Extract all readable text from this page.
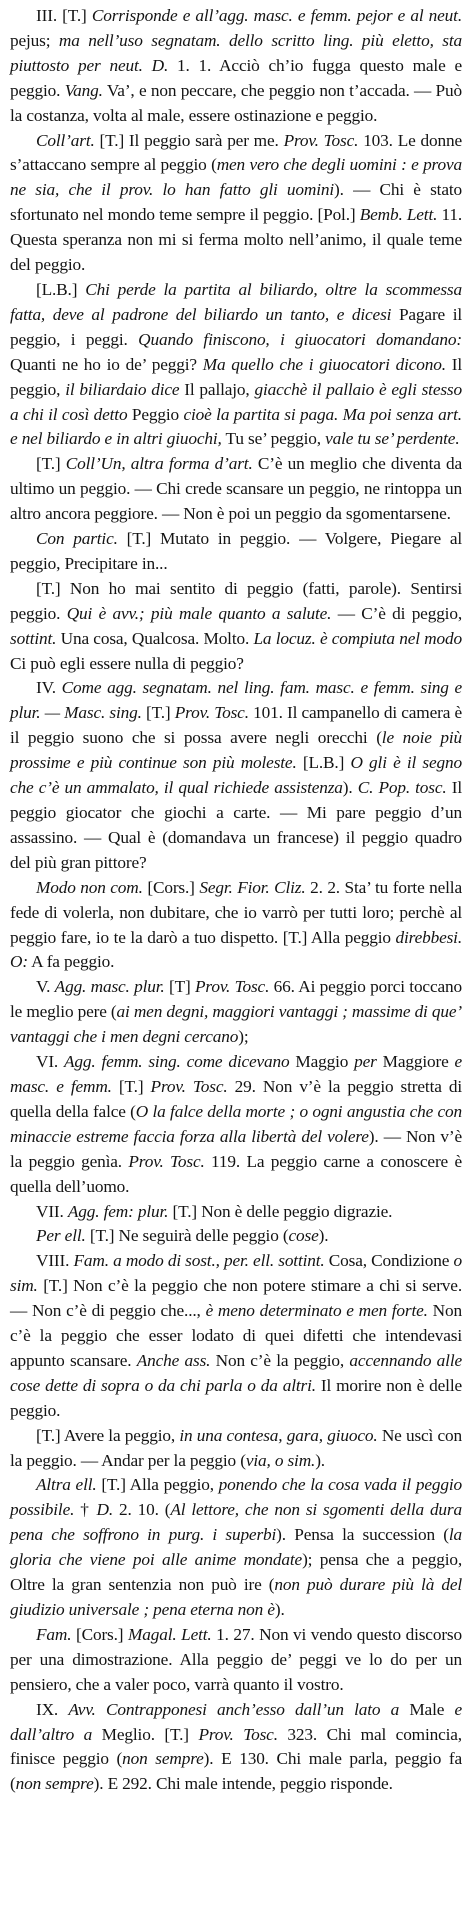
III. [T.] Corrisponde e all’agg. masc. e femm. pejor e al neut. pejus; ma nell’uso segnatam. dello scritto ling. più eletto, sta piuttosto per neut. D. 1. 1. Acciò ch’io fugga questo male e peggio. Vang. Va’, e non peccare, che peggio non t’accada. — Può la costanza, volta al male, essere ostinazione e peggio.

Coll’art. [T.] Il peggio sarà per me. Prov. Tosc. 103. Le donne s’attaccano sempre al peggio (men vero che degli uomini : e prova ne sia, che il prov. lo han fatto gli uomini). — Chi è stato sfortunato nel mondo teme sempre il peggio. [Pol.] Bemb. Lett. 11. Questa speranza non mi si ferma molto nell’animo, il quale teme del peggio.

[L.B.] Chi perde la partita al biliardo, oltre la scommessa fatta, deve al padrone del biliardo un tanto, e dicesi Pagare il peggio, i peggi. Quando finiscono, i giuocatori domandano: Quanti ne ho io de’ peggi? Ma quello che i giuocatori dicono. Il peggio, il biliardaio dice Il pallajo, giacchè il pallaio è egli stesso a chi il così detto Peggio cioè la partita si paga. Ma poi senza art. e nel biliardo e in altri giuochi, Tu se’ peggio, vale tu se’ perdente.

[T.] Coll’Un, altra forma d’art. C’è un meglio che diventa da ultimo un peggio. — Chi crede scansare un peggio, ne rintoppa un altro ancora peggiore. — Non è poi un peggio da sgomentarsene.

Con partic. [T.] Mutato in peggio. — Volgere, Piegare al peggio, Precipitare in...

[T.] Non ho mai sentito di peggio (fatti, parole). Sentirsi peggio. Qui è avv.; più male quanto a salute. — C’è di peggio, sottint. Una cosa, Qualcosa. Molto. La locuz. è compiuta nel modo Ci può egli essere nulla di peggio?

IV. Come agg. segnatam. nel ling. fam. masc. e femm. sing e plur. — Masc. sing. [T.] Prov. Tosc. 101. Il campanello di camera è il peggio suono che si possa avere negli orecchi (le noie più prossime e più continue son più moleste. [L.B.] O gli è il segno che c’è un ammalato, il qual richiede assistenza). C. Pop. tosc. Il peggio giocator che giochi a carte. — Mi pare peggio d’un assassino. — Qual è (domandava un francese) il peggio quadro del più gran pittore?

Modo non com. [Cors.] Segr. Fior. Cliz. 2. 2. Sta’ tu forte nella fede di volerla, non dubitare, che io varrò per tutti loro; perchè al peggio fare, io te la darò a tuo dispetto. [T.] Alla peggio direbbesi. O: A fa peggio.

V. Agg. masc. plur. [T] Prov. Tosc. 66. Ai peggio porci toccano le meglio pere (ai men degni, maggiori vantaggi ; massime di que’ vantaggi che i men degni cercano);

VI. Agg. femm. sing. come dicevano Maggio per Maggiore e masc. e femm. [T.] Prov. Tosc. 29. Non v’è la peggio stretta di quella della falce (O la falce della morte ; o ogni angustia che con minaccie estreme faccia forza alla libertà del volere). — Non v’è la peggio genìa. Prov. Tosc. 119. La peggio carne a conoscere è quella dell’uomo.

VII. Agg. fem: plur. [T.] Non è delle peggio digrazie.

Per ell. [T.] Ne seguirà delle peggio (cose).

VIII. Fam. a modo di sost., per. ell. sottint. Cosa, Condizione o sim. [T.] Non c’è la peggio che non potere stimare a chi si serve. — Non c’è di peggio che..., è meno determinato e men forte. Non c’è la peggio che esser lodato di quei difetti che intendevasi appunto scansare. Anche ass. Non c’è la peggio, accennando alle cose dette di sopra o da chi parla o da altri. Il morire non è delle peggio.

[T.] Avere la peggio, in una contesa, gara, giuoco. Ne uscì con la peggio. — Andar per la peggio (via, o sim.).

Altra ell. [T.] Alla peggio, ponendo che la cosa vada il peggio possibile. † D. 2. 10. (Al lettore, che non si sgomenti della dura pena che soffrono in purg. i superbi). Pensa la succession (la gloria che viene poi alle anime mondate); pensa che a peggio, Oltre la gran sentenzia non può ire (non può durare più là del giudizio universale ; pena eterna non è).

Fam. [Cors.] Magal. Lett. 1. 27. Non vi vendo questo discorso per una dimostrazione. Alla peggio de’ peggi ve lo do per un pensiero, che a valer poco, varrà quanto il vostro.

IX. Avv. Contrapponesi anch’esso dall’un lato a Male e dall’altro a Meglio. [T.] Prov. Tosc. 323. Chi mal comincia, finisce peggio (non sempre). E 130. Chi male parla, peggio fa (non sempre). E 292. Chi male intende, peggio risponde.
